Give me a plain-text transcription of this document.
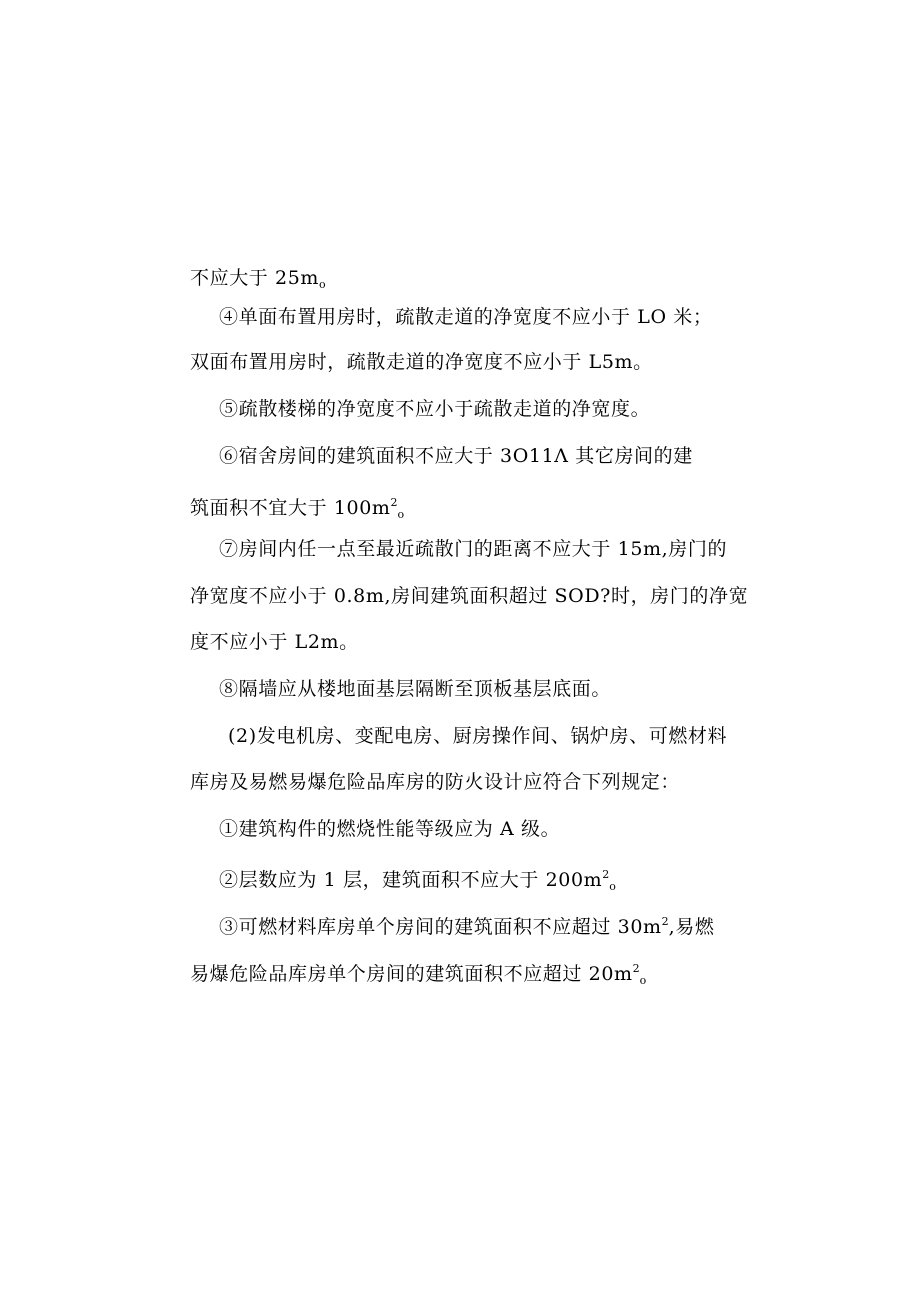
不应大于 $25m_o$
④单面布置用房时，疏散走道的净宽度不应小于 LO 米；
双面布置用房时，疏散走道的净宽度不应小于 L5m。
⑤疏散楼梯的净宽度不应小于疏散走道的净宽度。
⑥宿舍房间的建筑面积不应大于 3O11Λ 其它房间的建
筑面积不宜大于 $100m^2_o$
⑦房间内任一点至最近疏散门的距离不应大于 15m,房门的
净宽度不应小于 0.8m,房间建筑面积超过 SOD?时，房门的净宽
度不应小于 L2m。
⑧隔墙应从楼地面基层隔断至顶板基层底面。
(2)发电机房、变配电房、厨房操作间、锅炉房、可燃材料
库房及易燃易爆危险品库房的防火设计应符合下列规定：
①建筑构件的燃烧性能等级应为 A 级。
②层数应为 1 层，建筑面积不应大于 $200m^2_o$
③可燃材料库房单个房间的建筑面积不应超过 $30m^2$,易燃
易爆危险品库房单个房间的建筑面积不应超过 $20m^2_o$
